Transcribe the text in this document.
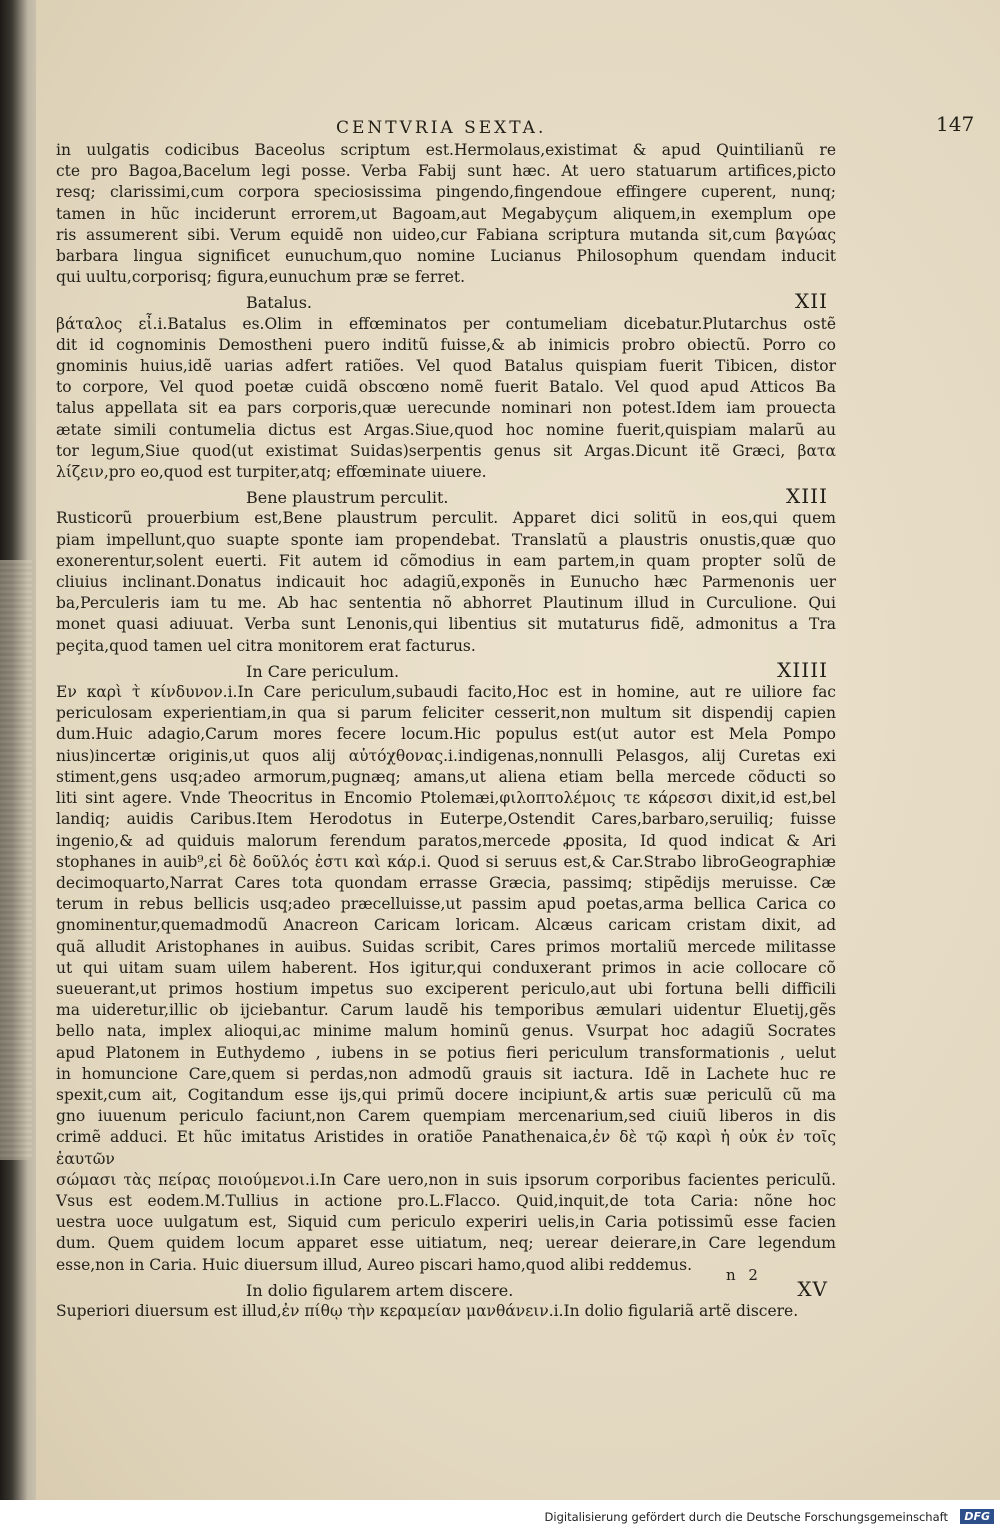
CENTVRIA SEXTA.	147

in uulgatis codicibus Baceolus scriptum est.Hermolaus,existimat & apud Quintilianũ re

cte pro Bagoa,Bacelum legi posse. Verba Fabij sunt hæc. At uero statuarum artifices,picto

resq; clarissimi,cum corpora speciosissima pingendo,fingendoue effingere cuperent, nunq;

tamen in hũc inciderunt errorem,ut Bagoam,aut Megabyçum aliquem,in exemplum ope

ris assumerent sibi. Verum equidẽ non uideo,cur Fabiana scriptura mutanda sit,cum βαγώας

barbara lingua significet eunuchum,quo nomine Lucianus Philosophum quendam inducit

qui uultu,corporisq; figura,eunuchum præ se ferret.

Batalus.	XII

βάταλος εἶ.i.Batalus es.Olim in effœminatos per contumeliam dicebatur.Plutarchus ostẽ

dit id cognominis Demostheni puero inditũ fuisse,& ab inimicis probro obiectũ. Porro co

gnominis huius,idẽ uarias adfert ratiões. Vel quod Batalus quispiam fuerit Tibicen, distor

to corpore, Vel quod poetæ cuidã obscœno nomẽ fuerit Batalo. Vel quod apud Atticos Ba

talus appellata sit ea pars corporis,quæ uerecunde nominari non potest.Idem iam prouecta

ætate simili contumelia dictus est Argas.Siue,quod hoc nomine fuerit,quispiam malarũ au

tor legum,Siue quod(ut existimat Suidas)serpentis genus sit Argas.Dicunt itẽ Græci, βατα

λίζειν,pro eo,quod est turpiter,atq; effœminate uiuere.

Bene plaustrum perculit.	XIII

Rusticorũ prouerbium est,Bene plaustrum perculit. Apparet dici solitũ in eos,qui quem

piam impellunt,quo suapte sponte iam propendebat. Translatũ a plaustris onustis,quæ quo

exonerentur,solent euerti. Fit autem id cõmodius in eam partem,in quam propter solũ de

cliuius inclinant.Donatus indicauit hoc adagiũ,exponẽs in Eunucho hæc Parmenonis uer

ba,Perculeris iam tu me. Ab hac sententia nõ abhorret Plautinum illud in Curculione. Qui

monet quasi adiuuat. Verba sunt Lenonis,qui libentius sit mutaturus fidẽ, admonitus a Tra

peçita,quod tamen uel citra monitorem erat facturus.

In Care periculum.	XIIII

Εν καρὶ τ̀ κίνδυνον.i.In Care periculum,subaudi facito,Hoc est in homine, aut re uiliore fac

periculosam experientiam,in qua si parum feliciter cesserit,non multum sit dispendij capien

dum.Huic adagio,Carum mores fecere locum.Hic populus est(ut autor est Mela Pompo

nius)incertæ originis,ut quos alij αὐτόχθονας.i.indigenas,nonnulli Pelasgos, alij Curetas exi

stiment,gens usq;adeo armorum,pugnæq; amans,ut aliena etiam bella mercede cõducti so

liti sint agere. Vnde Theocritus in Encomio Ptolemæi,φιλοπτολέμοις τε κάρεσσι dixit,id est,bel

landiq; auidis Caribus.Item Herodotus in Euterpe,Ostendit Cares,barbaro,seruiliq; fuisse

ingenio,& ad quiduis malorum ferendum paratos,mercede ꝓposita, Id quod indicat & Ari

stophanes in auib⁹,εἰ δὲ δοῦλός ἐστι καὶ κάρ.i. Quod si seruus est,& Car.Strabo libroGeographiæ

decimoquarto,Narrat Cares tota quondam errasse Græcia, passimq; stipẽdijs meruisse. Cæ

terum in rebus bellicis usq;adeo præcelluisse,ut passim apud poetas,arma bellica Carica co

gnominentur,quemadmodũ Anacreon Caricam loricam. Alcæus caricam cristam dixit, ad

quã alludit Aristophanes in auibus. Suidas scribit, Cares primos mortaliũ mercede militasse

ut qui uitam suam uilem haberent. Hos igitur,qui conduxerant primos in acie collocare cõ

sueuerant,ut primos hostium impetus suo exciperent periculo,aut ubi fortuna belli difficili

ma uideretur,illic ob ijciebantur. Carum laudẽ his temporibus æmulari uidentur Eluetij,gẽs

bello nata, implex alioqui,ac minime malum hominũ genus. Vsurpat hoc adagiũ Socrates

apud Platonem in Euthydemo , iubens in se potius fieri periculum transformationis , uelut

in homuncione Care,quem si perdas,non admodũ grauis sit iactura. Idẽ in Lachete huc re

spexit,cum ait, Cogitandum esse ijs,qui primũ docere incipiunt,& artis suæ periculũ cũ ma

gno iuuenum periculo faciunt,non Carem quempiam mercenarium,sed ciuiũ liberos in dis

crimẽ adduci. Et hũc imitatus Aristides in oratiõe Panathenaica,ἐν δὲ τῷ καρὶ ἡ οὐκ ἐν τοῖς ἑαυτῶν

σώμασι τὰς πείρας ποιούμενοι.i.In Care uero,non in suis ipsorum corporibus facientes periculũ.

Vsus est eodem.M.Tullius in actione pro.L.Flacco. Quid,inquit,de tota Caria: nõne hoc

uestra uoce uulgatum est, Siquid cum periculo experiri uelis,in Caria potissimũ esse facien

dum. Quem quidem locum apparet esse uitiatum, neq; uerear deierare,in Care legendum

esse,non in Caria. Huic diuersum illud, Aureo piscari hamo,quod alibi reddemus.

In dolio figularem artem discere.	XV

Superiori diuersum est illud,ἐν πίθῳ τὴν κεραμείαν μανθάνειν.i.In dolio figulariã artẽ discere.

n 2
Digitalisierung gefördert durch die Deutsche Forschungsgemeinschaft	DFG
